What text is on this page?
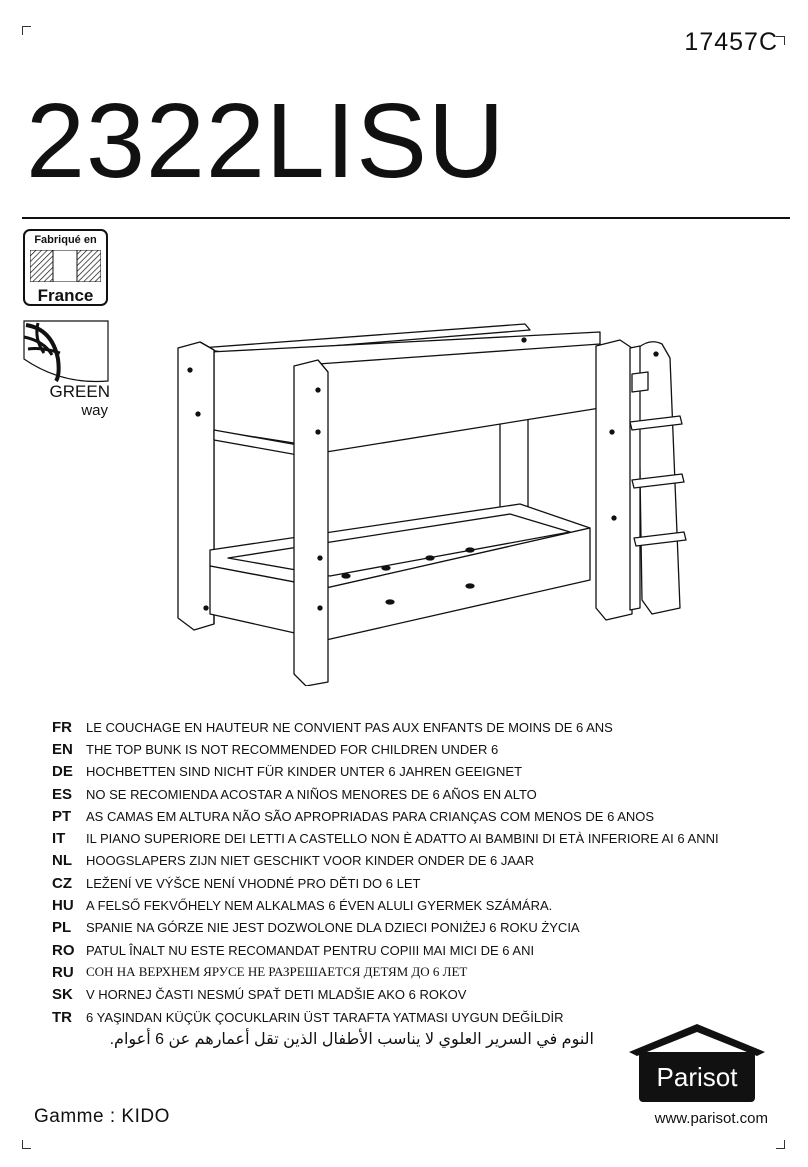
17457C
2322LISU
Fabriqué en
France
GREEN
way
FR	LE COUCHAGE EN HAUTEUR NE CONVIENT PAS AUX ENFANTS DE MOINS DE 6 ANS
EN	THE TOP BUNK IS NOT RECOMMENDED FOR CHILDREN UNDER 6
DE	HOCHBETTEN SIND NICHT FÜR KINDER UNTER 6 JAHREN GEEIGNET
ES	NO SE RECOMIENDA ACOSTAR A NIÑOS MENORES DE 6 AÑOS EN ALTO
PT	AS CAMAS EM ALTURA NÃO SÃO APROPRIADAS PARA CRIANÇAS COM MENOS DE 6 ANOS
IT	IL PIANO SUPERIORE DEI LETTI A CASTELLO NON È ADATTO AI BAMBINI DI ETÀ INFERIORE AI 6 ANNI
NL	HOOGSLAPERS ZIJN NIET GESCHIKT VOOR KINDER ONDER DE 6 JAAR
CZ	LEŽENÍ VE VÝŠCE NENÍ VHODNÉ PRO DĚTI DO 6 LET
HU A FELSŐ FEKVŐHELY NEM ALKALMAS 6 ÉVEN ALULI GYERMEK SZÁMÁRA.
PL	SPANIE NA GÓRZE NIE JEST DOZWOLONE DLA DZIECI PONIŻEJ 6 ROKU ŻYCIA
RO PATUL ÎNALT NU ESTE RECOMANDAT PENTRU COPIII MAI MICI DE 6 ANI
RU СОН НА ВЕРХНЕМ ЯРУСЕ НЕ РАЗРЕШАЕТСЯ ДЕТЯМ ДО 6 ЛЕТ
SK	V HORNEJ ČASTI NESMÚ SPAŤ DETI MLADŠIE AKO 6 ROKOV
TR	6 YAŞINDAN KÜÇÜK ÇOCUKLARIN ÜST TARAFTA YATMASI UYGUN DEĞİLDİR
النوم في السرير العلوي لا يناسب الأطفال الذين تقل أعمارهم عن 6 أعوام.
Parisot
Gamme : KIDO	www.parisot.com
